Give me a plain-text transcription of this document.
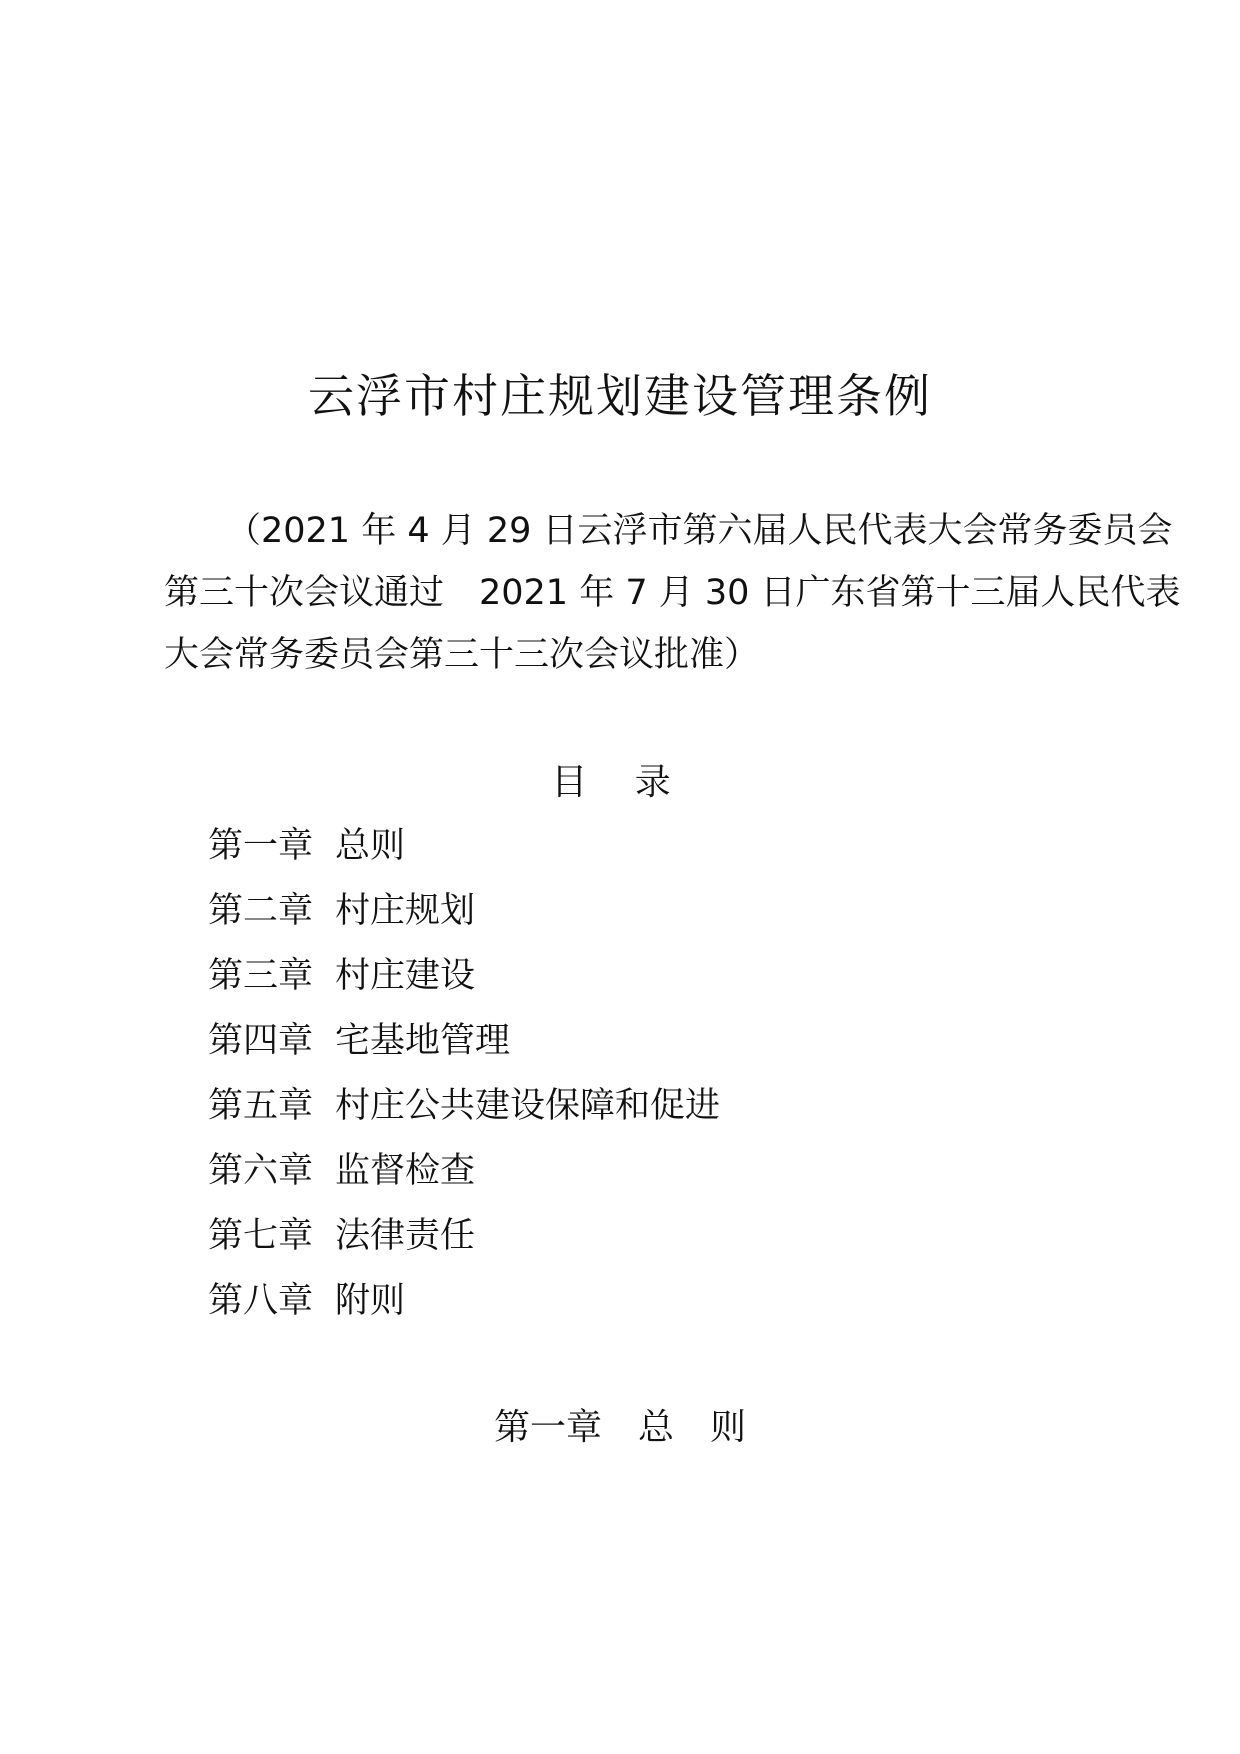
云浮市村庄规划建设管理条例

（2021 年 4 月 29 日云浮市第六届人民代表大会常务委员会
第三十次会议通过　2021 年 7 月 30 日广东省第十三届人民代表
大会常务委员会第三十三次会议批准）

目 录
第一章 总则
第二章 村庄规划
第三章 村庄建设
第四章 宅基地管理
第五章 村庄公共建设保障和促进
第六章 监督检查
第七章 法律责任
第八章 附则
第一章　总　则
